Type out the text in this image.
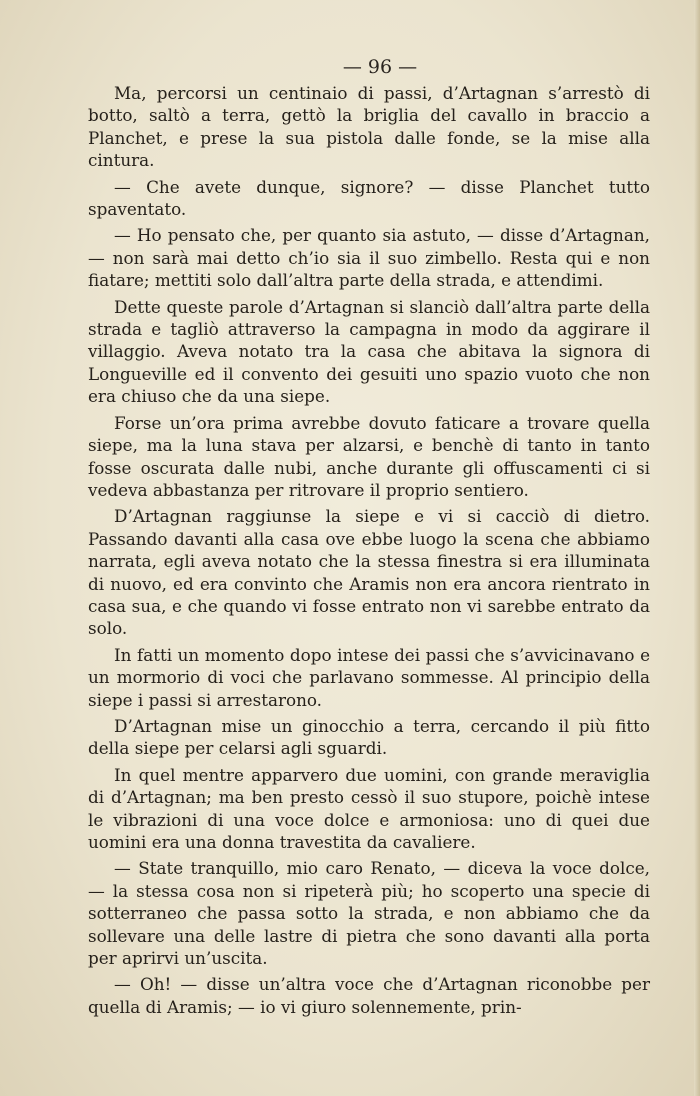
— 96 —

Ma, percorsi un centinaio di passi, d’Artagnan s’arrestò di botto, saltò a terra, gettò la briglia del cavallo in braccio a Planchet, e prese la sua pistola dalle fonde, se la mise alla cintura.

— Che avete dunque, signore? — disse Planchet tutto spaventato.

— Ho pensato che, per quanto sia astuto, — disse d’Artagnan, — non sarà mai detto ch’io sia il suo zimbello. Resta qui e non fiatare; mettiti solo dall’altra parte della strada, e attendimi.

Dette queste parole d’Artagnan si slanciò dall’altra parte della strada e tagliò attraverso la campagna in modo da aggirare il villaggio. Aveva notato tra la casa che abitava la signora di Longueville ed il convento dei gesuiti uno spazio vuoto che non era chiuso che da una siepe.

Forse un’ora prima avrebbe dovuto faticare a trovare quella siepe, ma la luna stava per alzarsi, e benchè di tanto in tanto fosse oscurata dalle nubi, anche durante gli offuscamenti ci si vedeva abbastanza per ritrovare il proprio sentiero.

D’Artagnan raggiunse la siepe e vi si cacciò di dietro. Passando davanti alla casa ove ebbe luogo la scena che abbiamo narrata, egli aveva notato che la stessa finestra si era illuminata di nuovo, ed era convinto che Aramis non era ancora rientrato in casa sua, e che quando vi fosse entrato non vi sarebbe entrato da solo.

In fatti un momento dopo intese dei passi che s’avvicinavano e un mormorio di voci che parlavano sommesse. Al principio della siepe i passi si arrestarono.

D’Artagnan mise un ginocchio a terra, cercando il più fitto della siepe per celarsi agli sguardi.

In quel mentre apparvero due uomini, con grande meraviglia di d’Artagnan; ma ben presto cessò il suo stupore, poichè intese le vibrazioni di una voce dolce e armoniosa: uno di quei due uomini era una donna travestita da cavaliere.

— State tranquillo, mio caro Renato, — diceva la voce dolce, — la stessa cosa non si ripeterà più; ho scoperto una specie di sotterraneo che passa sotto la strada, e non abbiamo che da sollevare una delle lastre di pietra che sono davanti alla porta per aprirvi un’uscita.

— Oh! — disse un’altra voce che d’Artagnan riconobbe per quella di Aramis; — io vi giuro solennemente, prin-
